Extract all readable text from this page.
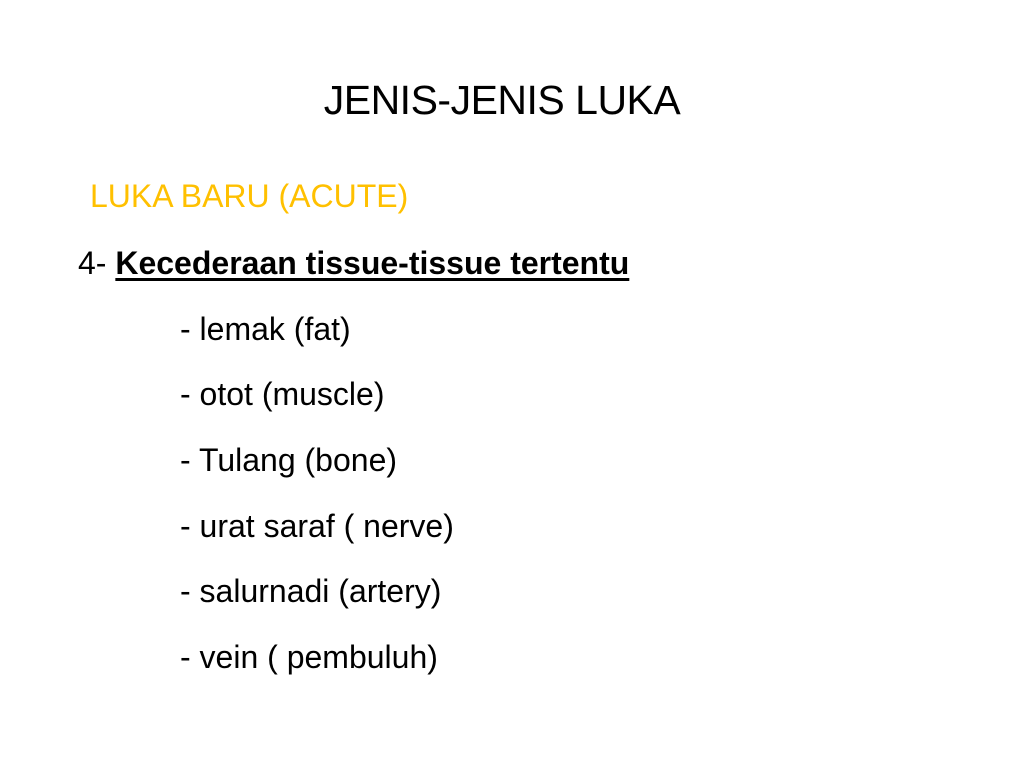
JENIS-JENIS LUKA
LUKA BARU (ACUTE)
4- Kecederaan tissue-tissue tertentu
- lemak (fat)
- otot (muscle)
- Tulang (bone)
- urat saraf ( nerve)
- salurnadi (artery)
- vein ( pembuluh)
